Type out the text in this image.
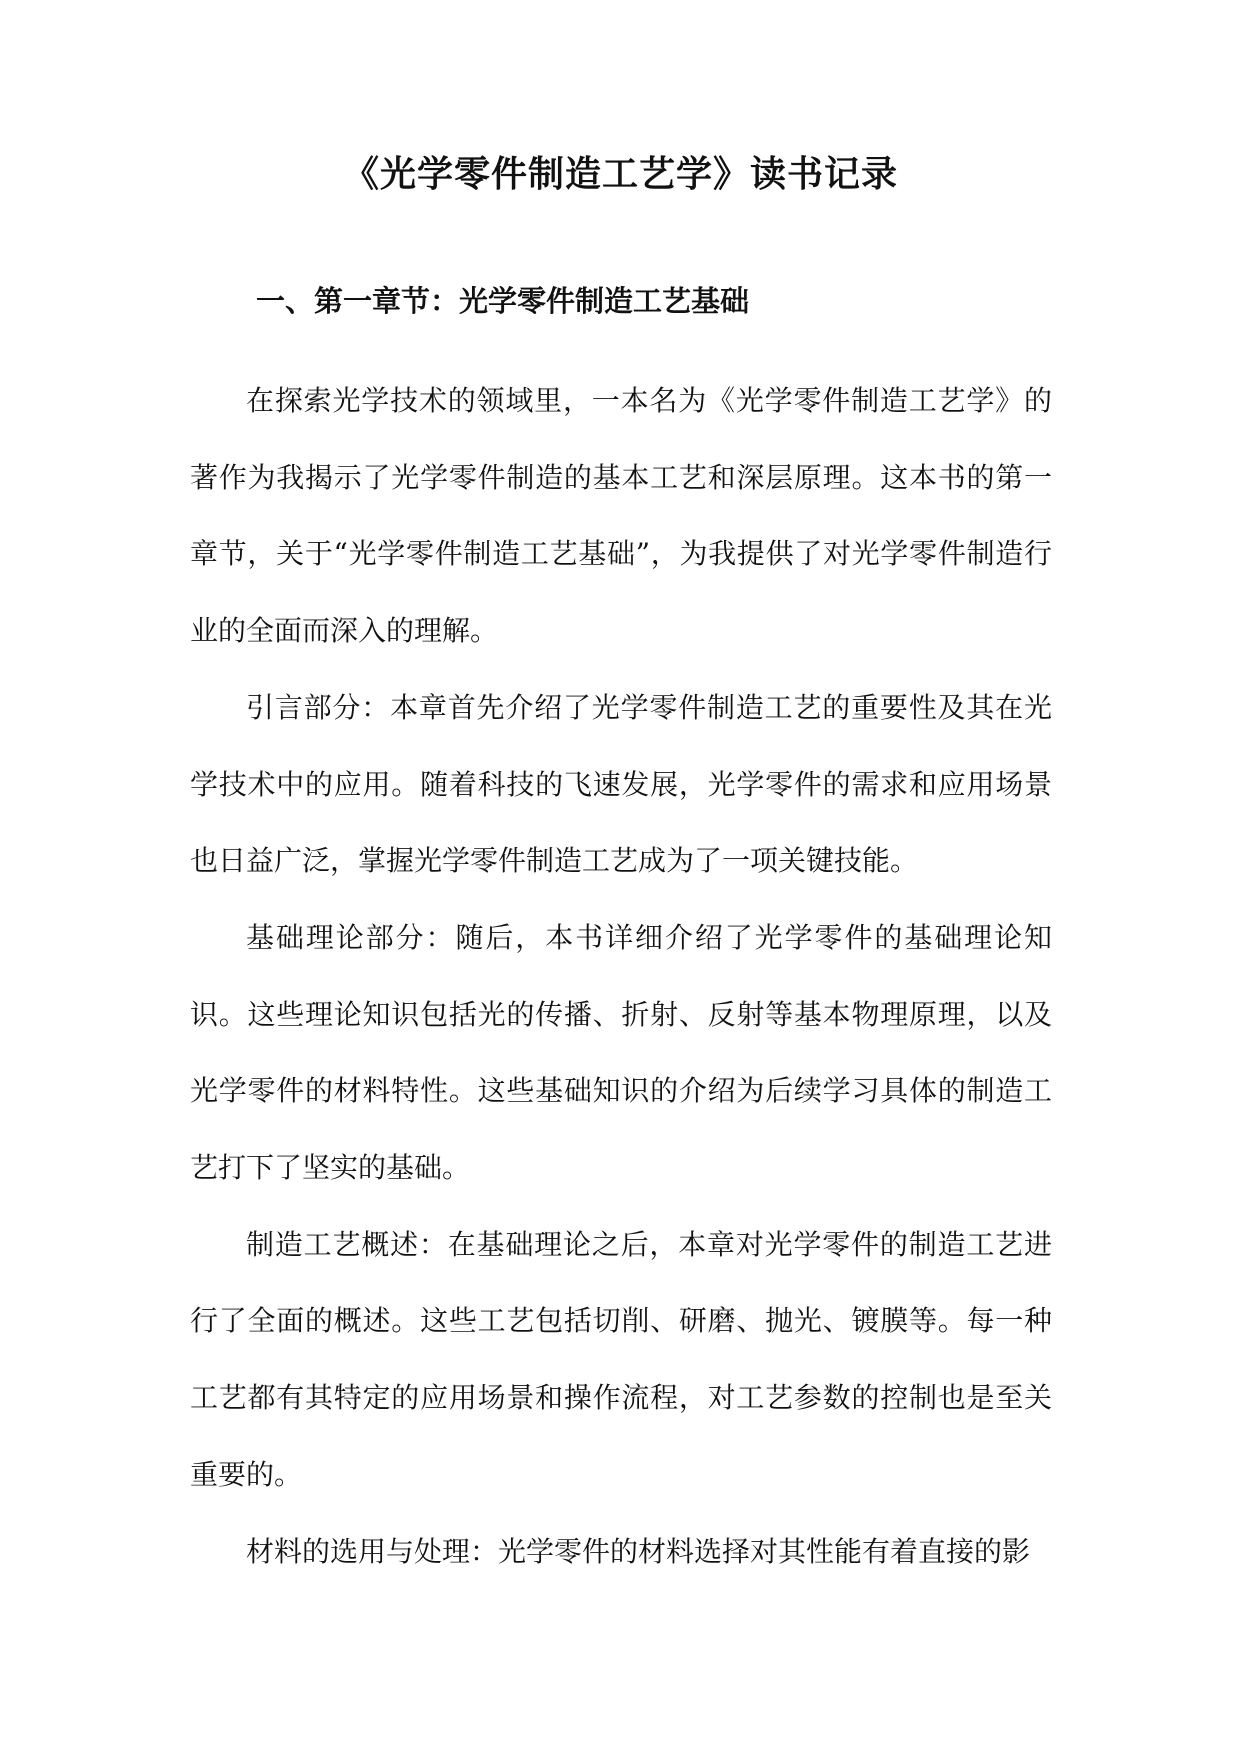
《光学零件制造工艺学》读书记录
一、第一章节：光学零件制造工艺基础

在探索光学技术的领域里，一本名为《光学零件制造工艺学》的著作为我揭示了光学零件制造的基本工艺和深层原理。这本书的第一章节，关于“光学零件制造工艺基础”，为我提供了对光学零件制造行业的全面而深入的理解。

引言部分：本章首先介绍了光学零件制造工艺的重要性及其在光学技术中的应用。随着科技的飞速发展，光学零件的需求和应用场景也日益广泛，掌握光学零件制造工艺成为了一项关键技能。

基础理论部分：随后，本书详细介绍了光学零件的基础理论知识。这些理论知识包括光的传播、折射、反射等基本物理原理，以及光学零件的材料特性。这些基础知识的介绍为后续学习具体的制造工艺打下了坚实的基础。

制造工艺概述：在基础理论之后，本章对光学零件的制造工艺进行了全面的概述。这些工艺包括切削、研磨、抛光、镀膜等。每一种工艺都有其特定的应用场景和操作流程，对工艺参数的控制也是至关重要的。

材料的选用与处理：光学零件的材料选择对其性能有着直接的影
